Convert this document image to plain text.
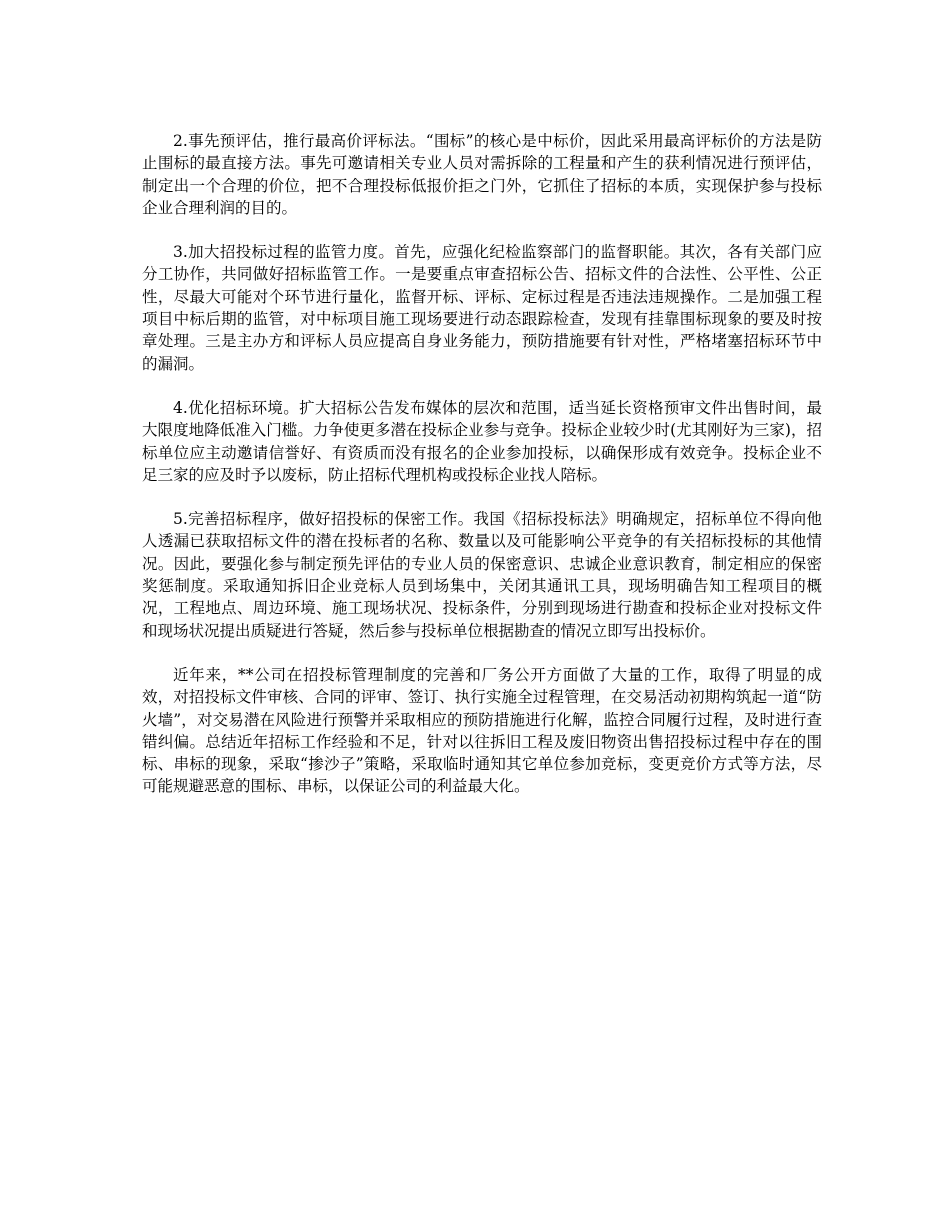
2.事先预评估，推行最高价评标法。“围标”的核心是中标价，因此采用最高评标价的方法是防止围标的最直接方法。事先可邀请相关专业人员对需拆除的工程量和产生的获利情况进行预评估，制定出一个合理的价位，把不合理投标低报价拒之门外，它抓住了招标的本质，实现保护参与投标企业合理利润的目的。

3.加大招投标过程的监管力度。首先，应强化纪检监察部门的监督职能。其次，各有关部门应分工协作，共同做好招标监管工作。一是要重点审查招标公告、招标文件的合法性、公平性、公正性，尽最大可能对个环节进行量化，监督开标、评标、定标过程是否违法违规操作。二是加强工程项目中标后期的监管，对中标项目施工现场要进行动态跟踪检查，发现有挂靠围标现象的要及时按章处理。三是主办方和评标人员应提高自身业务能力，预防措施要有针对性，严格堵塞招标环节中的漏洞。

4.优化招标环境。扩大招标公告发布媒体的层次和范围，适当延长资格预审文件出售时间，最大限度地降低准入门槛。力争使更多潜在投标企业参与竞争。投标企业较少时(尤其刚好为三家)，招标单位应主动邀请信誉好、有资质而没有报名的企业参加投标，以确保形成有效竞争。投标企业不足三家的应及时予以废标，防止招标代理机构或投标企业找人陪标。

5.完善招标程序，做好招投标的保密工作。我国《招标投标法》明确规定，招标单位不得向他人透漏已获取招标文件的潜在投标者的名称、数量以及可能影响公平竞争的有关招标投标的其他情况。因此，要强化参与制定预先评估的专业人员的保密意识、忠诚企业意识教育，制定相应的保密奖惩制度。采取通知拆旧企业竞标人员到场集中，关闭其通讯工具，现场明确告知工程项目的概况，工程地点、周边环境、施工现场状况、投标条件，分别到现场进行勘查和投标企业对投标文件和现场状况提出质疑进行答疑，然后参与投标单位根据勘查的情况立即写出投标价。

近年来，**公司在招投标管理制度的完善和厂务公开方面做了大量的工作，取得了明显的成效，对招投标文件审核、合同的评审、签订、执行实施全过程管理，在交易活动初期构筑起一道“防火墙”，对交易潜在风险进行预警并采取相应的预防措施进行化解，监控合同履行过程，及时进行查错纠偏。总结近年招标工作经验和不足，针对以往拆旧工程及废旧物资出售招投标过程中存在的围标、串标的现象，采取“掺沙子”策略，采取临时通知其它单位参加竞标，变更竞价方式等方法，尽可能规避恶意的围标、串标，以保证公司的利益最大化。
